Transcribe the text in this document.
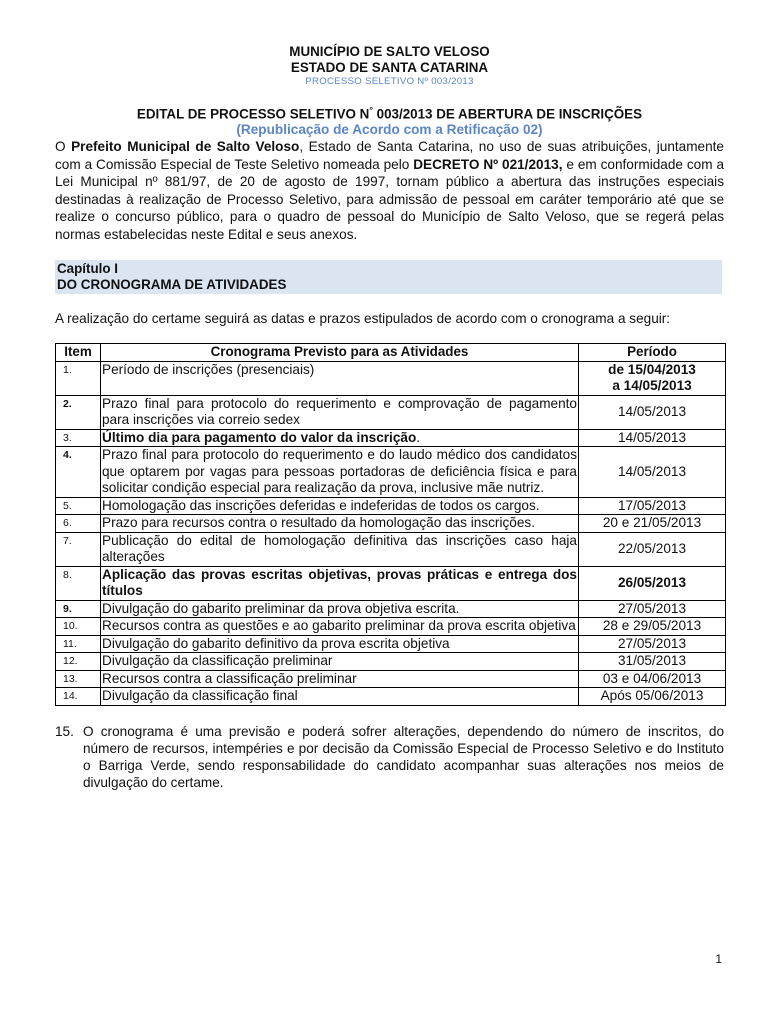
MUNICÍPIO DE SALTO VELOSO
ESTADO DE SANTA CATARINA
PROCESSO SELETIVO Nº 003/2013
EDITAL DE PROCESSO SELETIVO N° 003/2013 DE ABERTURA DE INSCRIÇÕES
(Republicação de Acordo com a Retificação 02)

O Prefeito Municipal de Salto Veloso, Estado de Santa Catarina, no uso de suas atribuições, juntamente com a Comissão Especial de Teste Seletivo nomeada pelo DECRETO Nº 021/2013, e em conformidade com a Lei Municipal nº 881/97, de 20 de agosto de 1997, tornam público a abertura das instruções especiais destinadas à realização de Processo Seletivo, para admissão de pessoal em caráter temporário até que se realize o concurso público, para o quadro de pessoal do Município de Salto Veloso, que se regerá pelas normas estabelecidas neste Edital e seus anexos.

Capítulo I
DO CRONOGRAMA DE ATIVIDADES
A realização do certame seguirá as datas e prazos estipulados de acordo com o cronograma a seguir:
Item	Cronograma Previsto para as Atividades	Período
1.	Período de inscrições (presenciais)	de 15/04/2013
a 14/05/2013
2.	Prazo final para protocolo do requerimento e comprovação de pagamento para inscrições via correio sedex	14/05/2013
3.	Último dia para pagamento do valor da inscrição.	14/05/2013
4.	Prazo final para protocolo do requerimento e do laudo médico dos candidatos que optarem por vagas para pessoas portadoras de deficiência física e para solicitar condição especial para realização da prova, inclusive mãe nutriz.	14/05/2013
5.	Homologação das inscrições deferidas e indeferidas de todos os cargos.	17/05/2013
6.	Prazo para recursos contra o resultado da homologação das inscrições.	20 e 21/05/2013
7.	Publicação do edital de homologação definitiva das inscrições caso haja alterações	22/05/2013
8.	Aplicação das provas escritas objetivas, provas práticas e entrega dos títulos	26/05/2013
9.	Divulgação do gabarito preliminar da prova objetiva escrita.	27/05/2013
10.	Recursos contra as questões e ao gabarito preliminar da prova escrita objetiva	28 e 29/05/2013
11.	Divulgação do gabarito definitivo da prova escrita objetiva	27/05/2013
12.	Divulgação da classificação preliminar	31/05/2013
13.	Recursos contra a classificação preliminar	03 e 04/06/2013
14.	Divulgação da classificação final	Após 05/06/2013
15. O cronograma é uma previsão e poderá sofrer alterações, dependendo do número de inscritos, do número de recursos, intempéries e por decisão da Comissão Especial de Processo Seletivo e do Instituto o Barriga Verde, sendo responsabilidade do candidato acompanhar suas alterações nos meios de divulgação do certame.
1
